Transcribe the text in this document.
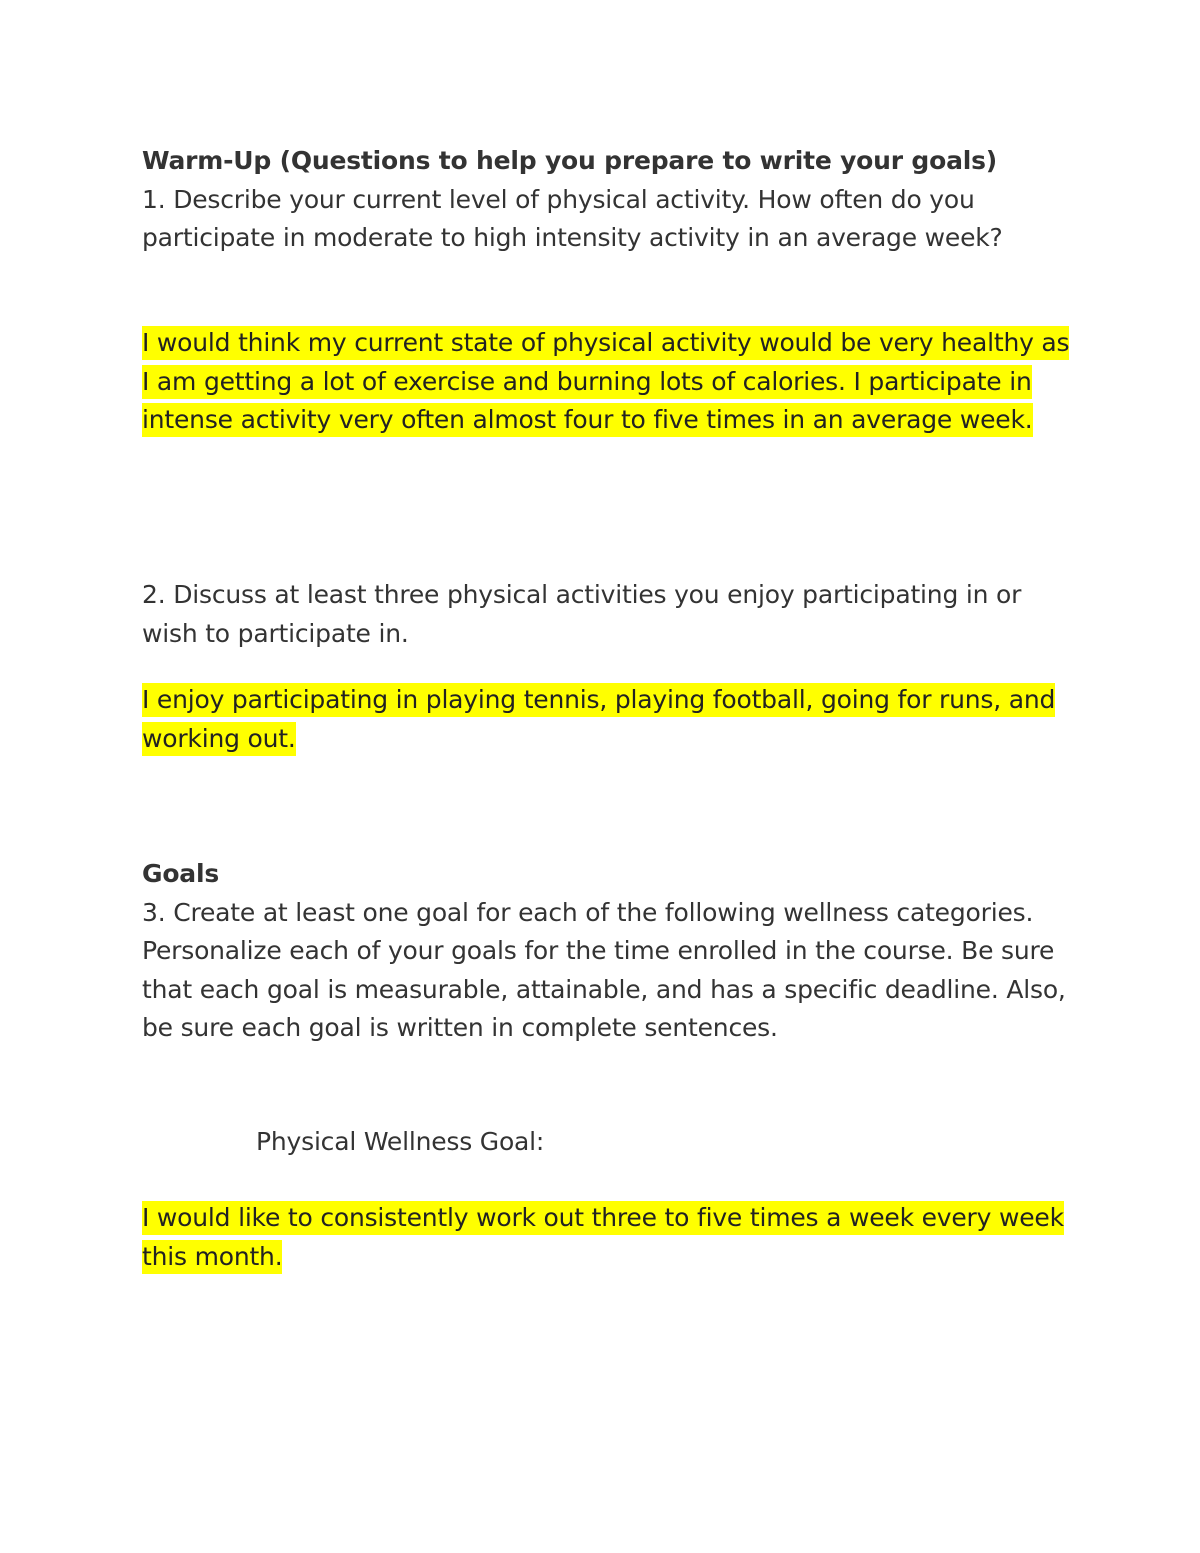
Warm-Up (Questions to help you prepare to write your goals)
1. Describe your current level of physical activity. How often do you participate in moderate to high intensity activity in an average week?
I would think my current state of physical activity would be very healthy as I am getting a lot of exercise and burning lots of calories. I participate in intense activity very often almost four to five times in an average week.
2. Discuss at least three physical activities you enjoy participating in or wish to participate in.
I enjoy participating in playing tennis, playing football, going for runs, and working out.
Goals
3. Create at least one goal for each of the following wellness categories. Personalize each of your goals for the time enrolled in the course. Be sure that each goal is measurable, attainable, and has a specific deadline. Also, be sure each goal is written in complete sentences.
Physical Wellness Goal:
I would like to consistently work out three to five times a week every week this month.
